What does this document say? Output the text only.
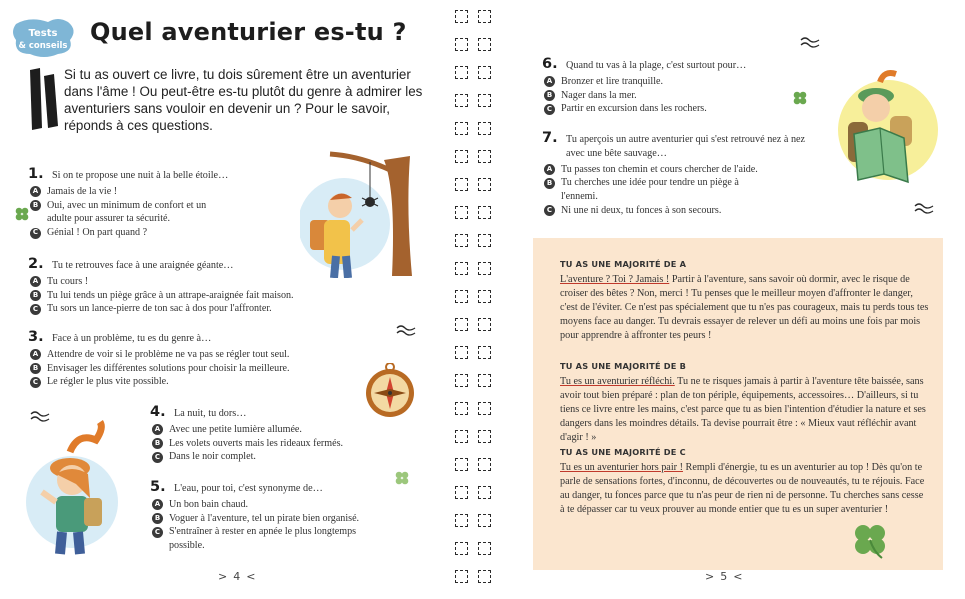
Tests
& conseils Quel aventurier es-tu ?
Si tu as ouvert ce livre, tu dois sûrement être un aventurier dans l'âme ! Ou peut-être es-tu plutôt du genre à admirer les aventuriers sans vouloir en devenir un ? Pour le savoir, réponds à ces questions.
1. Si on te propose une nuit à la belle étoile…
A Jamais de la vie !
B Oui, avec un minimum de confort et un adulte pour assurer ta sécurité.
C Génial ! On part quand ?
2. Tu te retrouves face à une araignée géante…
A Tu cours !
B Tu lui tends un piège grâce à un attrape-araignée fait maison.
C Tu sors un lance-pierre de ton sac à dos pour l'affronter.
3. Face à un problème, tu es du genre à…
A Attendre de voir si le problème ne va pas se régler tout seul.
B Envisager les différentes solutions pour choisir la meilleure.
C Le régler le plus vite possible.
4. La nuit, tu dors…
A Avec une petite lumière allumée.
B Les volets ouverts mais les rideaux fermés.
C Dans le noir complet.
5. L'eau, pour toi, c'est synonyme de…
A Un bon bain chaud.
B Voguer à l'aventure, tel un pirate bien organisé.
C S'entraîner à rester en apnée le plus longtemps possible.
> 4 <
6. Quand tu vas à la plage, c'est surtout pour…
A Bronzer et lire tranquille.
B Nager dans la mer.
C Partir en excursion dans les rochers.
7. Tu aperçois un autre aventurier qui s'est retrouvé nez à nez avec une bête sauvage…
A Tu passes ton chemin et cours chercher de l'aide.
B Tu cherches une idée pour tendre un piège à l'ennemi.
C Ni une ni deux, tu fonces à son secours.
TU AS UNE MAJORITÉ DE A
L'aventure ? Toi ? Jamais ! Partir à l'aventure, sans savoir où dormir, avec le risque de croiser des bêtes ? Non, merci ! Tu penses que le meilleur moyen d'affronter le danger, c'est de l'éviter. Ce n'est pas spécialement que tu n'es pas courageux, mais tu perds tous tes moyens face au danger. Tu devrais essayer de relever un défi au moins une fois par mois pour apprendre à affronter tes peurs !
TU AS UNE MAJORITÉ DE B
Tu es un aventurier réfléchi. Tu ne te risques jamais à partir à l'aventure tête baissée, sans avoir tout bien préparé : plan de ton périple, équipements, accessoires… D'ailleurs, si tu tiens ce livre entre les mains, c'est parce que tu as bien l'intention d'étudier la nature et ses dangers dans les moindres détails. Ta devise pourrait être : « Mieux vaut réfléchir avant d'agir ! »
TU AS UNE MAJORITÉ DE C
Tu es un aventurier hors pair ! Rempli d'énergie, tu es un aventurier au top ! Dès qu'on te parle de sensations fortes, d'inconnu, de découvertes ou de nouveautés, tu te réjouis. Face au danger, tu fonces parce que tu n'as peur de rien ni de personne. Tu cherches sans cesse à te dépasser car tu veux prouver au monde entier que tu es un super aventurier !
> 5 <
